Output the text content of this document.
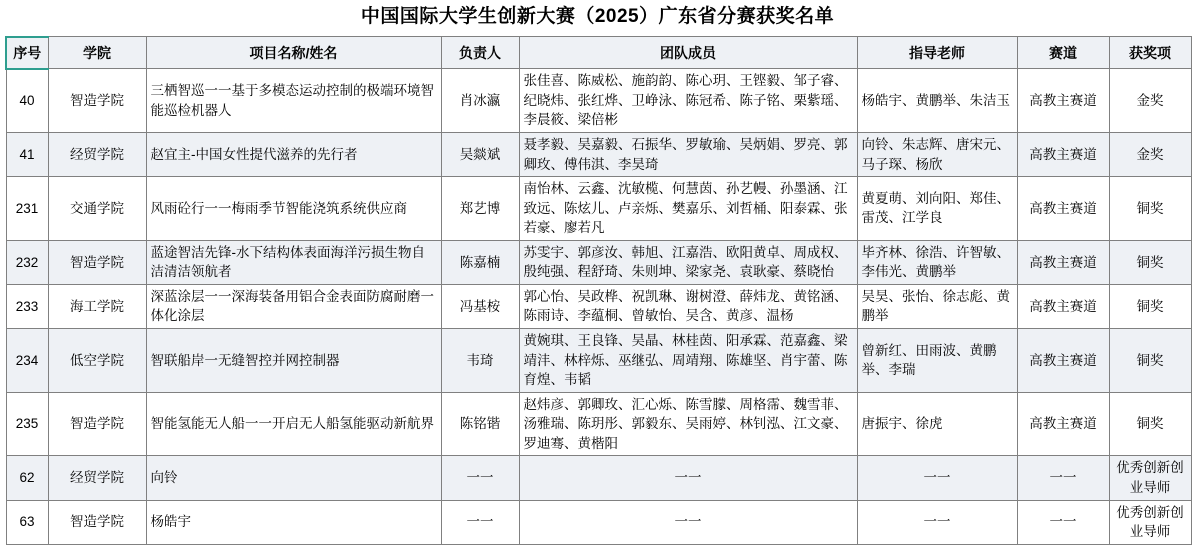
中国国际大学生创新大赛（2025）广东省分赛获奖名单
序号	学院	项目名称/姓名	负责人	团队成员	指导老师	赛道	获奖项
40	智造学院	三栖智巡一一基于多模态运动控制的极端环境智能巡检机器人	肖冰瀛	张佳喜、陈威松、施韵韵、陈心玥、王铿毅、邹子睿、纪晓炜、张红烨、卫峥泳、陈冠希、陈子铭、栗紫瑶、李晨筱、梁倍彬	杨皓宇、黄鹏举、朱洁玉	高教主赛道	金奖
41	经贸学院	赵宜主-中国女性提代滋养的先行者	吴燚斌	聂孝毅、吴嘉毅、石振华、罗敏瑜、吴炳娟、罗亮、郭卿玫、傅伟淇、李昊琦	向铃、朱志辉、唐宋元、马子琛、杨欣	高教主赛道	金奖
231	交通学院	风雨砼行一一梅雨季节智能浇筑系统供应商	郑艺博	南怡林、云鑫、沈敏榄、何慧茵、孙艺幔、孙墨涵、江致远、陈炫儿、卢亲烁、樊嘉乐、刘哲桶、阳泰霖、张若豪、廖若凡	黄夏萌、刘向阳、郑佳、雷茂、江学良	高教主赛道	铜奖
232	智造学院	蓝途智洁先锋-水下结构体表面海洋污损生物自洁清洁领航者	陈嘉楠	苏雯宇、郭彦汝、韩旭、江嘉浩、欧阳黄卓、周成权、殷纯强、程舒琦、朱则坤、梁家尧、袁耿豪、蔡晓怡	毕齐林、徐浩、许智敏、李伟光、黄鹏举	高教主赛道	铜奖
233	海工学院	深蓝涂层一一深海装备用铝合金表面防腐耐磨一体化涂层	冯基桉	郭心怡、吴政桦、祝凯琳、谢树澄、薛炜龙、黄铭涵、陈雨诗、李蕴桐、曾敏怡、吴含、黄彦、温杨	吴昊、张怡、徐志彪、黄鹏举	高教主赛道	铜奖
234	低空学院	智联船岸一无缝智控并网控制器	韦琦	黄婉琪、王良锋、吴晶、林桂茵、阳承霖、范嘉鑫、梁靖沣、林梓烁、巫继弘、周靖翔、陈雄坚、肖宇蕾、陈育煌、韦韬	曾新红、田雨波、黄鹏举、李瑞	高教主赛道	铜奖
235	智造学院	智能氢能无人船一一开启无人船氢能驱动新航界	陈铭锴	赵炜彦、郭卿玫、汇心烁、陈雪朦、周格霈、魏雪菲、汤雅瑞、陈玥彤、郭毅东、吴雨婷、林钊泓、江文豪、罗迪骞、黄楷阳	唐振宇、徐虎	高教主赛道	铜奖
62	经贸学院	向铃	一一	一一	一一	一一	优秀创新创业导师
63	智造学院	杨皓宇	一一	一一	一一	一一	优秀创新创业导师
